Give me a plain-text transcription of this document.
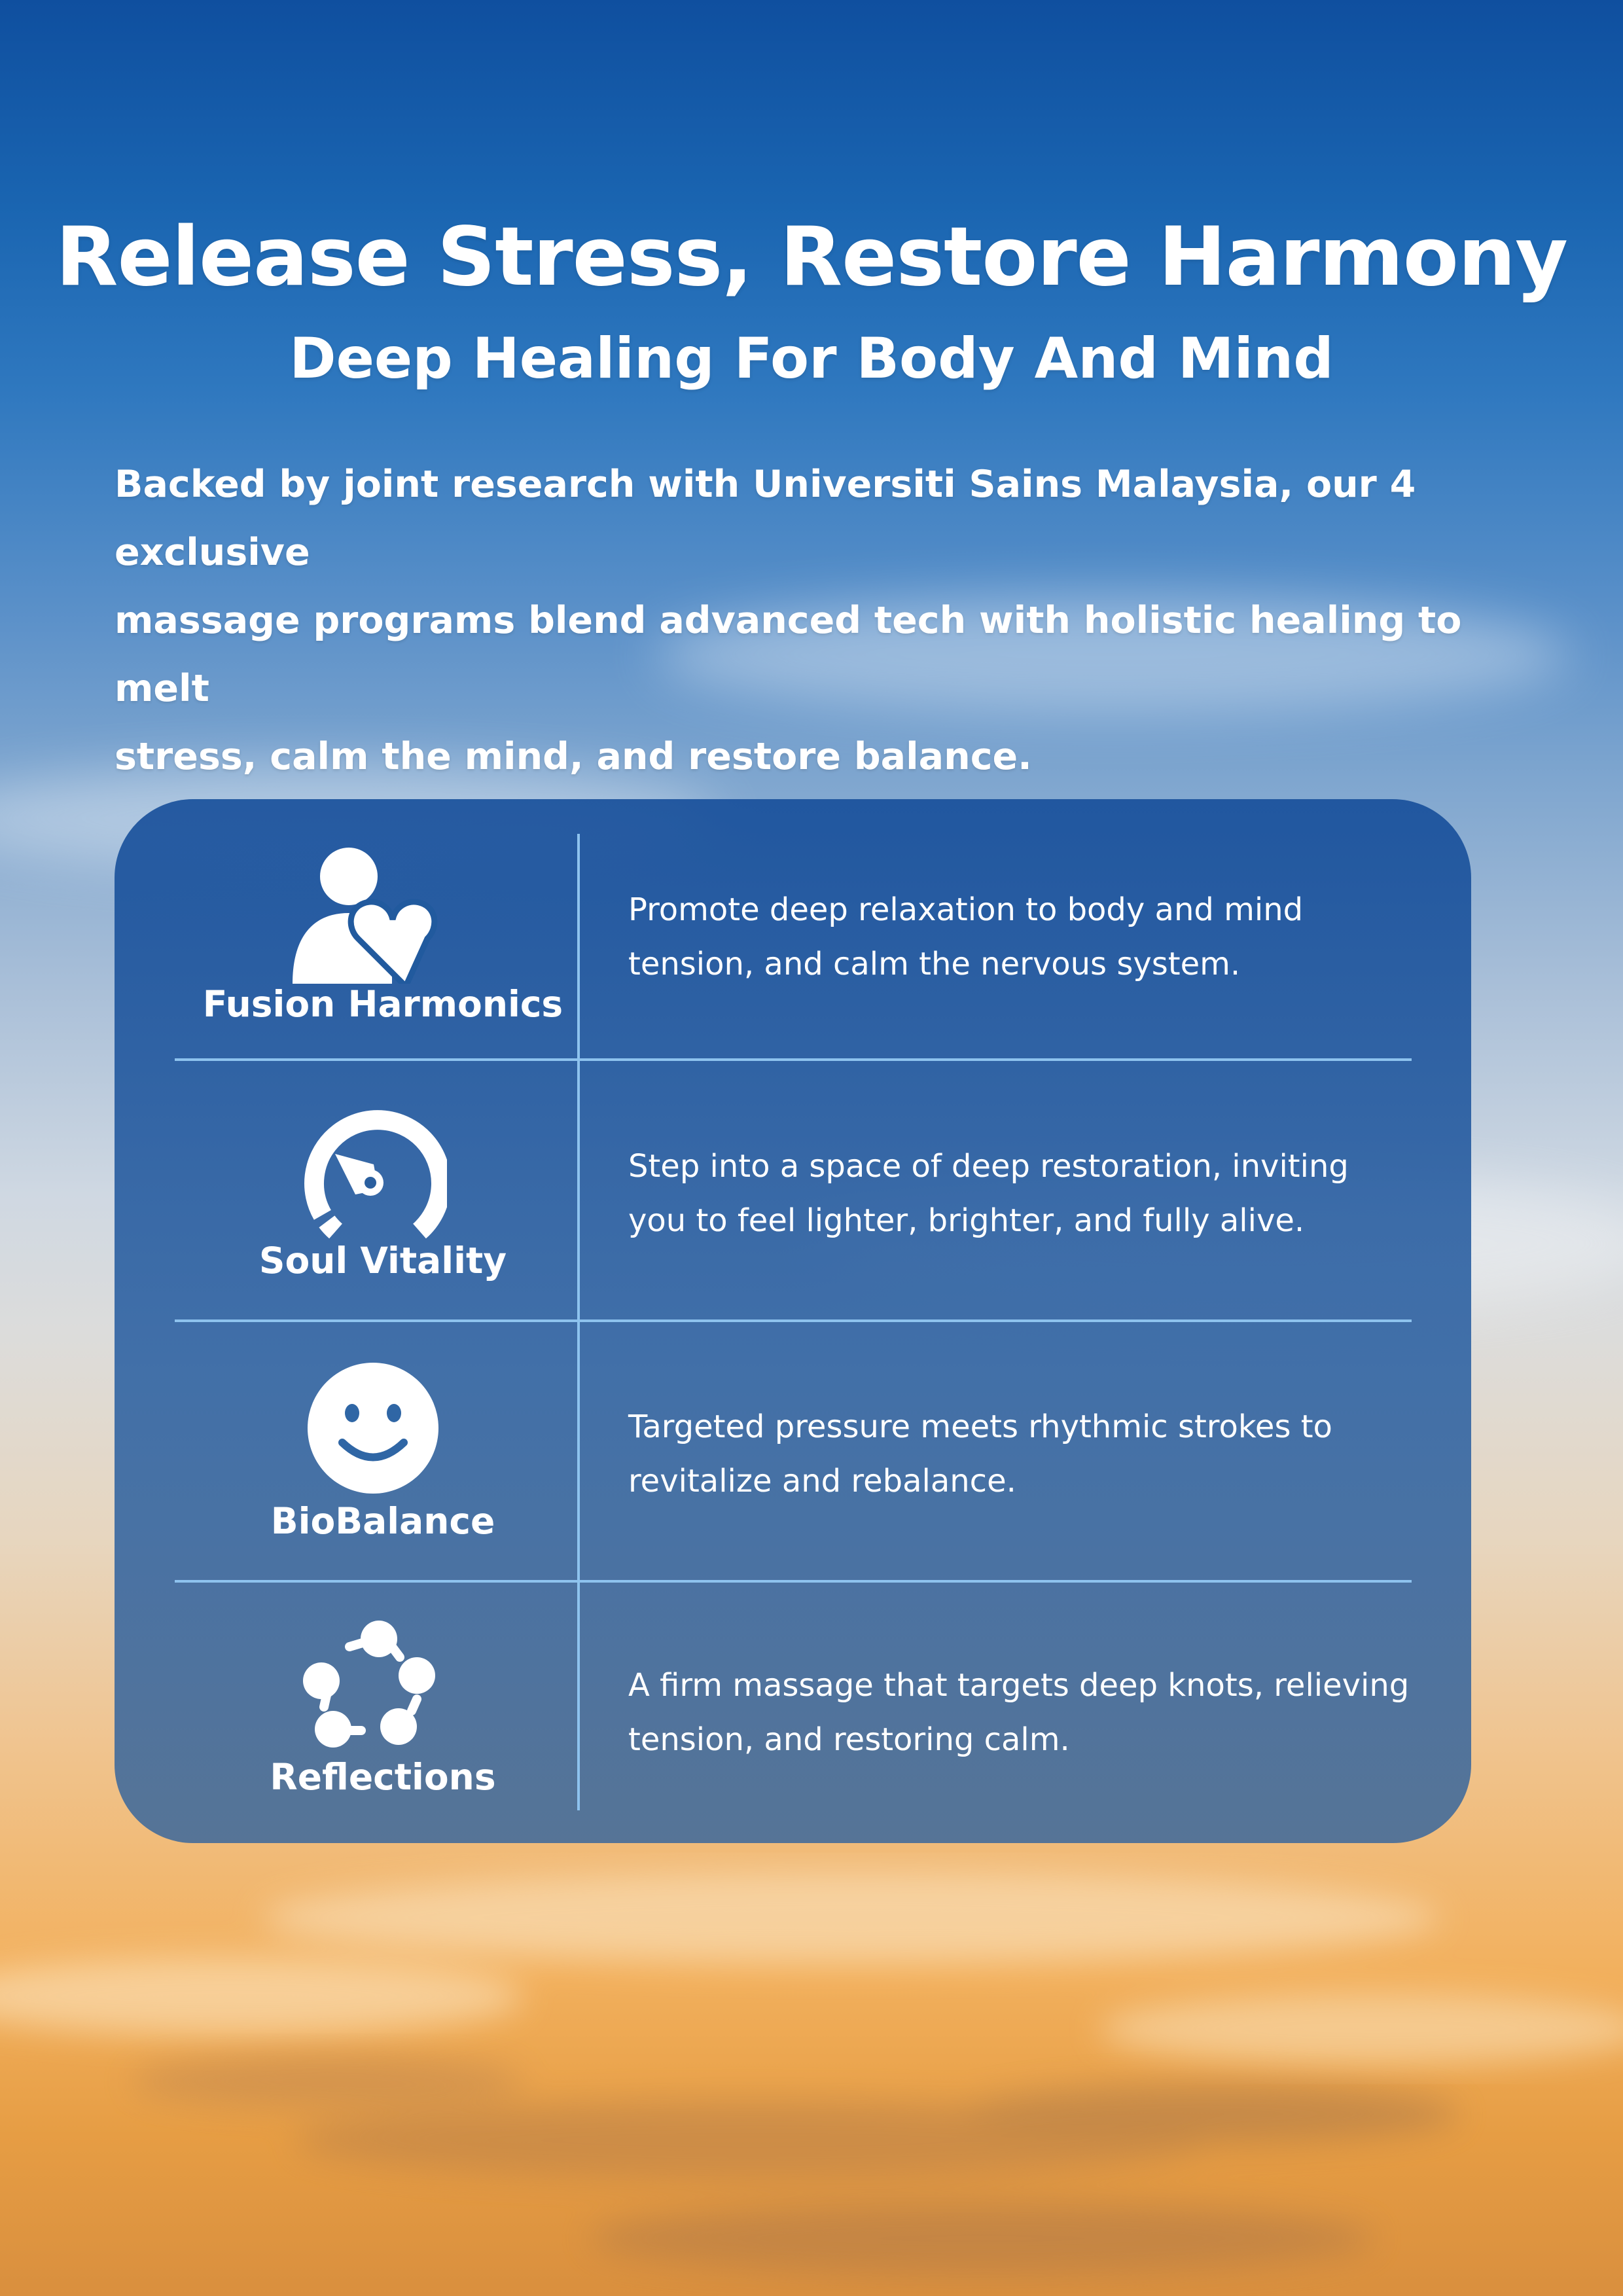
Release Stress, Restore Harmony
Deep Healing For Body And Mind

Backed by joint research with Universiti Sains Malaysia, our 4 exclusive
massage programs blend advanced tech with holistic healing to melt
stress, calm the mind, and restore balance.

Fusion Harmonics

Promote deep relaxation to body and mind
tension, and calm the nervous system.

Soul Vitality

Step into a space of deep restoration, inviting
you to feel lighter, brighter, and fully alive.

BioBalance

Targeted pressure meets rhythmic strokes to
revitalize and rebalance.

Reflections

A firm massage that targets deep knots, relieving
tension, and restoring calm.
